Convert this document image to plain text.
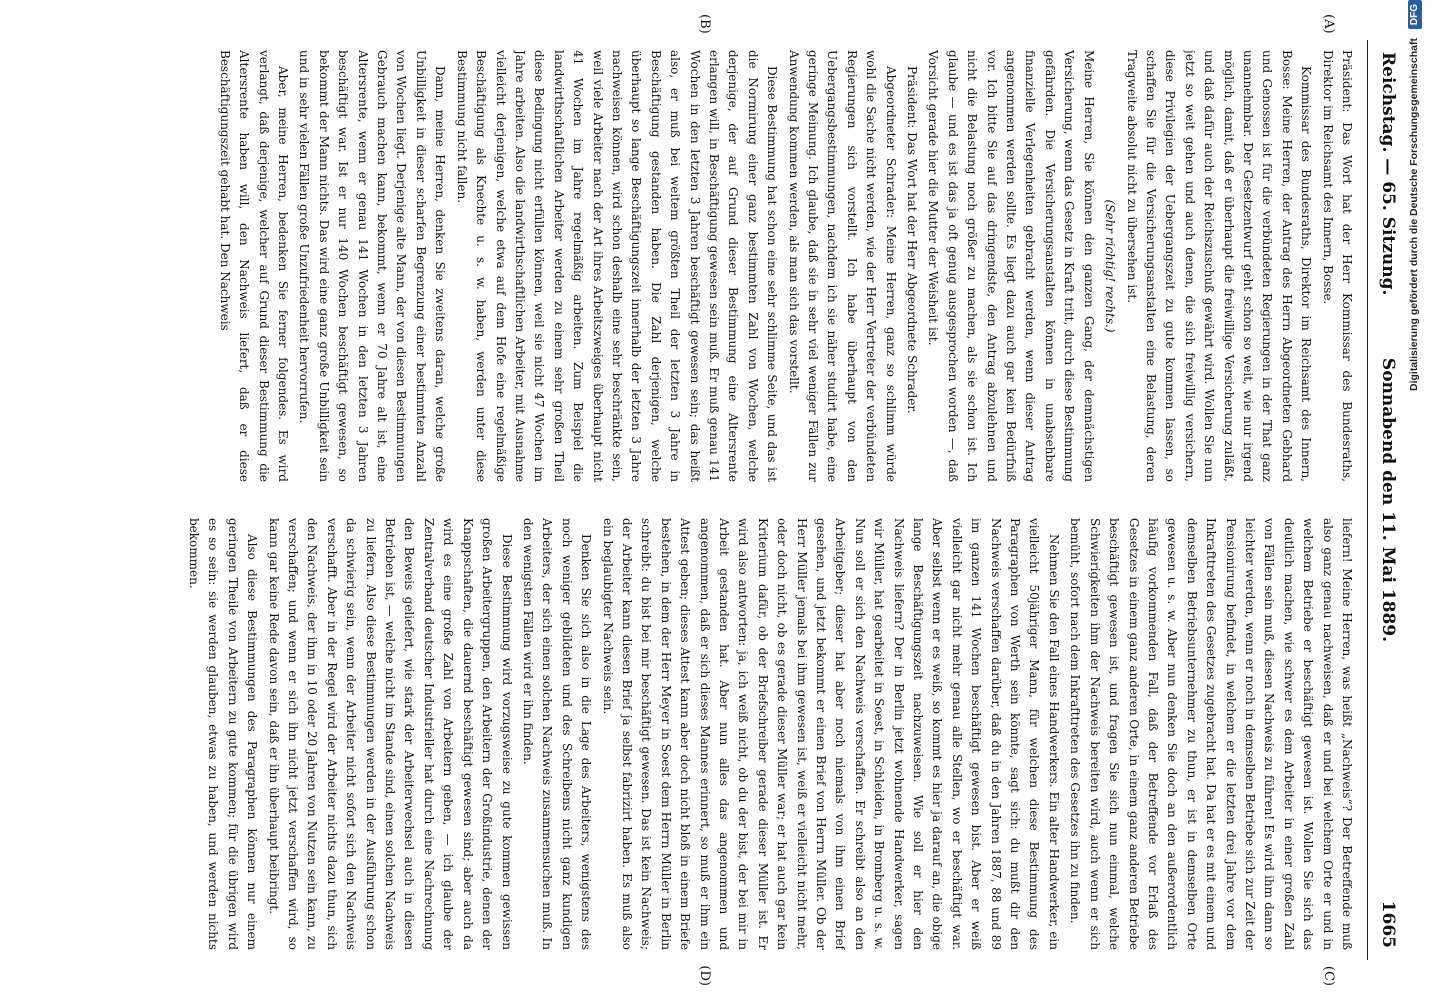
Reichstag. — 65. Sitzung.
Sonnabend den 11. Mai 1889.
1665
(A)
(B)
(C)
(D)

Präsident: Das Wort hat der Herr Kommissar des Bundesraths, Direktor im Reichsamt des Innern, Bosse.

Kommissar des Bundesraths, Direktor im Reichsamt des Innern, Bosse: Meine Herren, der Antrag des Herrn Abgeordneten Gebhard und Genossen ist für die verbündeten Regierungen in der That ganz unannehmbar. Der Gesetzentwurf geht schon so weit, wie nur irgend möglich, damit, daß er überhaupt die freiwillige Versicherung zuläßt, und daß dafür auch der Reichszuschuß gewährt wird. Wollen Sie nun jetzt so weit gehen und auch denen, die sich freiwillig versichern, diese Privilegien der Uebergangszeit zu gute kommen lassen, so schaffen Sie für die Versicherungsanstalten eine Belastung, deren Tragweite absolut nicht zu übersehen ist.

(Sehr richtig! rechts.)

Meine Herren, Sie können den ganzen Gang, der demnächstigen Versicherung, wenn das Gesetz in Kraft tritt, durch diese Bestimmung gefährden. Die Versicherungsanstalten können in unabsehbare finanzielle Verlegenheiten gebracht werden, wenn dieser Antrag angenommen werden sollte. Es liegt dazu auch gar kein Bedürfniß vor. Ich bitte Sie auf das dringendste, den Antrag abzulehnen und nicht die Belastung noch größer zu machen, als sie schon ist. Ich glaube — und es ist das ja oft genug ausgesprochen worden —, daß Vorsicht gerade hier die Mutter der Weisheit ist.

Präsident: Das Wort hat der Herr Abgeordnete Schrader.

Abgeordneter Schrader: Meine Herren, ganz so schlimm würde wohl die Sache nicht werden, wie der Herr Vertreter der verbündeten Regierungen sich vorstellt. Ich habe überhaupt von den Uebergangsbestimmungen, nachdem ich sie näher studirt habe, eine geringe Meinung. Ich glaube, daß sie in sehr viel weniger Fällen zur Anwendung kommen werden, als man sich das vorstellt.

Diese Bestimmung hat schon eine sehr schlimme Seite, und das ist die Normirung einer ganz bestimmten Zahl von Wochen, welche derjenige, der auf Grund dieser Bestimmung eine Altersrente erlangen will, in Beschäftigung gewesen sein muß. Er muß genau 141 Wochen in den letzten 3 Jahren beschäftigt gewesen sein; das heißt also, er muß bei weitem größten Theil der letzten 3 Jahre in Beschäftigung gestanden haben. Die Zahl derjenigen, welche überhaupt so lange Beschäftigungszeit innerhalb der letzten 3 Jahre nachweisen können, wird schon deshalb eine sehr beschränkte sein, weil viele Arbeiter nach der Art ihres Arbeitszweiges überhaupt nicht 41 Wochen im Jahre regelmäßig arbeiten. Zum Beispiel die landwirthschaftlichen Arbeiter werden zu einem sehr großen Theil diese Bedingung nicht erfüllen können, weil sie nicht 47 Wochen im Jahre arbeiten. Also die landwirthschaftlichen Arbeiter, mit Ausnahme vielleicht derjenigen, welche etwa auf dem Hofe eine regelmäßige Beschäftigung als Knechte u. s. w. haben, werden unter diese Bestimmung nicht fallen.

Dann, meine Herren, denken Sie zweitens daran, welche große Unbilligkeit in dieser scharfen Begrenzung einer bestimmten Anzahl von Wochen liegt. Derjenige alte Mann, der von diesen Bestimmungen Gebrauch machen kann, bekommt, wenn er 70 Jahre alt ist, eine Altersrente, wenn er genau 141 Wochen in den letzten 3 Jahren beschäftigt war. Ist er nur 140 Wochen beschäftigt gewesen, so bekommt der Mann nichts. Das wird eine ganz große Unbilligkeit sein und in sehr vielen Fällen große Unzufriedenheit hervorrufen.

Aber, meine Herren, bedenken Sie ferner folgendes. Es wird verlangt, daß derjenige, welcher auf Grund dieser Bestimmung die Altersrente haben will, den Nachweis liefert, daß er diese Beschäftigungszeit gehabt hat. Den Nachweis

liefern! Meine Herren, was heißt „Nachweis“? Der Betreffende muß also ganz genau nachweisen, daß er und bei welchem Orte er und in welchem Betriebe er beschäftigt gewesen ist. Wollen Sie sich das deutlich machen, wie schwer es dem Arbeiter in einer großen Zahl von Fällen sein muß, diesen Nachweis zu führen! Es wird ihm dann so leichter werden, wenn er noch in demselben Betriebe sich zur Zeit der Pensionirung befindet, in welchem er die letzten drei Jahre vor dem Inkrafttreten des Gesetzes zugebracht hat. Da hat er es mit einem und demselben Betriebsunternehmer zu thun, er ist in demselben Orte gewesen u. s. w. Aber nun denken Sie doch an den außerordentlich häufig vorkommenden Fall, daß der Betreffende vor Erlaß des Gesetzes in einem ganz anderen Orte, in einem ganz anderen Betriebe beschäftigt gewesen ist, und fragen Sie sich nun einmal, welche Schwierigkeiten ihm der Nachweis bereiten wird, auch wenn er sich bemüht, sofort nach dem Inkrafttreten des Gesetzes ihn zu finden.

Nehmen Sie den Fall eines Handwerkers. Ein alter Handwerker, ein vielleicht 50jähriger Mann, für welchen diese Bestimmung des Paragraphen von Werth sein könnte, sagt sich: du mußt dir den Nachweis verschaffen darüber, daß du in den Jahren 1887, 88 und 89 im ganzen 141 Wochen beschäftigt gewesen bist. Aber er weiß vielleicht gar nicht mehr genau alle Stellen, wo er beschäftigt war. Aber selbst wenn er es weiß, so kommt es hier ja darauf an, die obige lange Beschäftigungszeit nachzuweisen. Wie soll er hier den Nachweis liefern? Der in Berlin jetzt wohnende Handwerker, sagen wir Müller, hat gearbeitet in Soest, in Schleiden, in Bromberg u. s. w. Nun soll er sich den Nachweis verschaffen. Er schreibt also an den Arbeitgeber; dieser hat aber noch niemals von ihm einen Brief gesehen, und jetzt bekommt er einen Brief von Herrn Müller. Ob der Herr Müller jemals bei ihm gewesen ist, weiß er vielleicht nicht mehr, oder doch nicht, ob es gerade dieser Müller war; er hat auch gar kein Kriterium dafür, ob der Briefschreiber gerade dieser Müller ist. Er wird also antworten: ja, ich weiß nicht, ob du der bist, der bei mir in Arbeit gestanden hat. Aber nun alles das angenommen und angenommen, daß er sich dieses Mannes erinnert, so muß er ihm ein Attest geben; dieses Attest kann aber doch nicht bloß in einem Briefe bestehen, in dem der Herr Meyer in Soest dem Herrn Müller in Berlin schreibt: du bist bei mir beschäftigt gewesen. Das ist kein Nachweis; der Arbeiter kann diesen Brief ja selbst fabrizirt haben. Es muß also ein beglaubigter Nachweis sein.

Denken Sie sich also in die Lage des Arbeiters, wenigstens des noch weniger gebildeten und des Schreibens nicht ganz kundigen Arbeiters, der sich einen solchen Nachweis zusammensuchen muß. In den wenigsten Fällen wird er ihn finden.

Diese Bestimmung wird vorzugsweise zu gute kommen gewissen großen Arbeitergruppen, den Arbeitern der Großindustrie, denen der Knappschaften, die dauernd beschäftigt gewesen sind; aber auch da wird es eine große Zahl von Arbeitern geben, — ich glaube der Zentralverband deutscher Industrieller hat durch eine Nachrechnung den Beweis geliefert, wie stark der Arbeiterwechsel auch in diesen Betrieben ist, — welche nicht im Stande sind, einen solchen Nachweis zu liefern. Also diese Bestimmungen werden in der Ausführung schon da schwierig sein, wenn der Arbeiter nicht sofort sich den Nachweis verschafft. Aber in der Regel wird der Arbeiter nichts dazu thun, sich den Nachweis, der ihm in 10 oder 20 Jahren von Nutzen sein kann, zu verschaffen; und wenn er sich ihn nicht jetzt verschaffen wird, so kann gar keine Rede davon sein, daß er ihn überhaupt beibringt.

Also diese Bestimmungen des Paragraphen können nur einem geringen Theile von Arbeitern zu gute kommen; für die übrigen wird es so sein: sie werden glauben, etwas zu haben, und werden nichts bekommen.

Digitalisierung gefördert durch die Deutsche Forschungsgemeinschaft DFG
